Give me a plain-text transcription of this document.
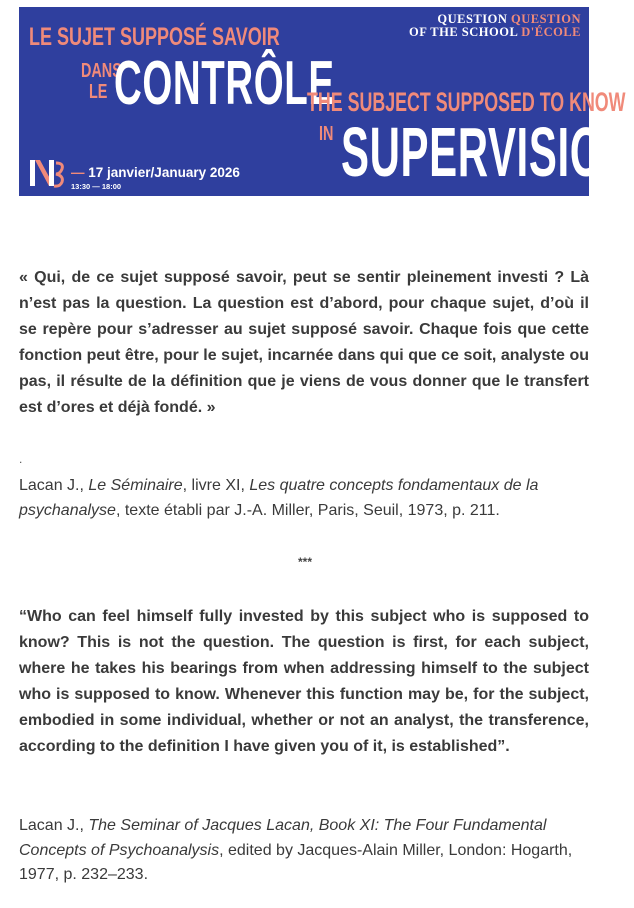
LE SUJET SUPPOSÉ SAVOIR
DANS
LE CONTRÔLE
QUESTION QUESTION
OF THE SCHOOL D'ÉCOLE
THE SUBJECT SUPPOSED TO KNOW
IN SUPERVISION
— 17 janvier/January 2026
13:30 — 18:00

« Qui, de ce sujet supposé savoir, peut se sentir pleinement investi ? Là n’est pas la question. La question est d’abord, pour chaque sujet, d’où il se repère pour s’adresser au sujet supposé savoir. Chaque fois que cette fonction peut être, pour le sujet, incarnée dans qui que ce soit, analyste ou pas, il résulte de la définition que je viens de vous donner que le transfert est d’ores et déjà fondé. »

.

Lacan J., Le Séminaire, livre XI, Les quatre concepts fondamentaux de la psychanalyse, texte établi par J.-A. Miller, Paris, Seuil, 1973, p. 211.

***

“Who can feel himself fully invested by this subject who is supposed to know? This is not the question. The question is first, for each subject, where he takes his bearings from when addressing himself to the subject who is supposed to know. Whenever this function may be, for the subject, embodied in some individual, whether or not an analyst, the transference, according to the definition I have given you of it, is established”.

Lacan J., The Seminar of Jacques Lacan, Book XI: The Four Fundamental Concepts of Psychoanalysis, edited by Jacques-Alain Miller, London: Hogarth, 1977, p. 232–233.
